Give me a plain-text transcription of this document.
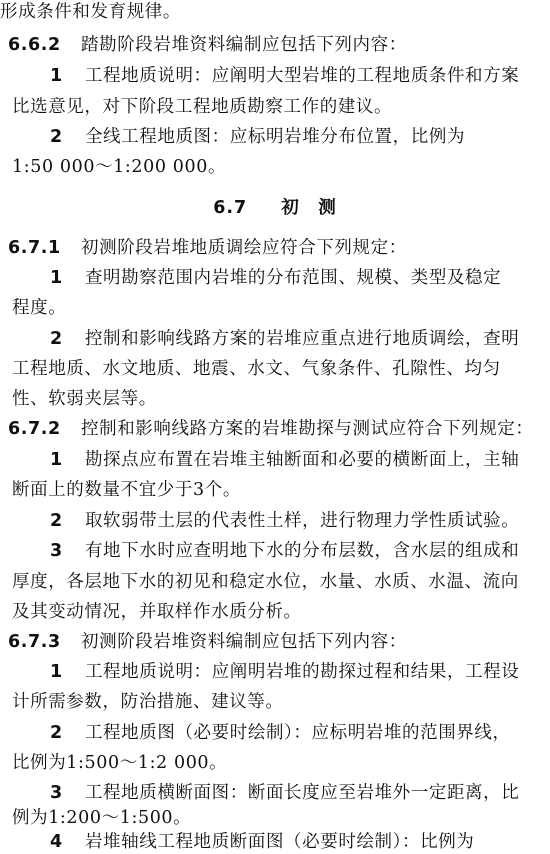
形成条件和发育规律。
6.6.2 踏勘阶段岩堆资料编制应包括下列内容：
1 工程地质说明：应阐明大型岩堆的工程地质条件和方案
比选意见，对下阶段工程地质勘察工作的建议。
2 全线工程地质图：应标明岩堆分布位置，比例为
1:50 000～1:200 000。
6.7 初　测
6.7.1 初测阶段岩堆地质调绘应符合下列规定：
1 查明勘察范围内岩堆的分布范围、规模、类型及稳定
程度。
2 控制和影响线路方案的岩堆应重点进行地质调绘，查明
工程地质、水文地质、地震、水文、气象条件、孔隙性、均匀
性、软弱夹层等。
6.7.2 控制和影响线路方案的岩堆勘探与测试应符合下列规定：
1 勘探点应布置在岩堆主轴断面和必要的横断面上，主轴
断面上的数量不宜少于3个。
2 取软弱带土层的代表性土样，进行物理力学性质试验。
3 有地下水时应查明地下水的分布层数，含水层的组成和
厚度，各层地下水的初见和稳定水位，水量、水质、水温、流向
及其变动情况，并取样作水质分析。
6.7.3 初测阶段岩堆资料编制应包括下列内容：
1 工程地质说明：应阐明岩堆的勘探过程和结果，工程设
计所需参数，防治措施、建议等。
2 工程地质图（必要时绘制）：应标明岩堆的范围界线，
比例为1:500～1:2 000。
3 工程地质横断面图：断面长度应至岩堆外一定距离，比
例为1:200～1:500。
4 岩堆轴线工程地质断面图（必要时绘制）：比例为
